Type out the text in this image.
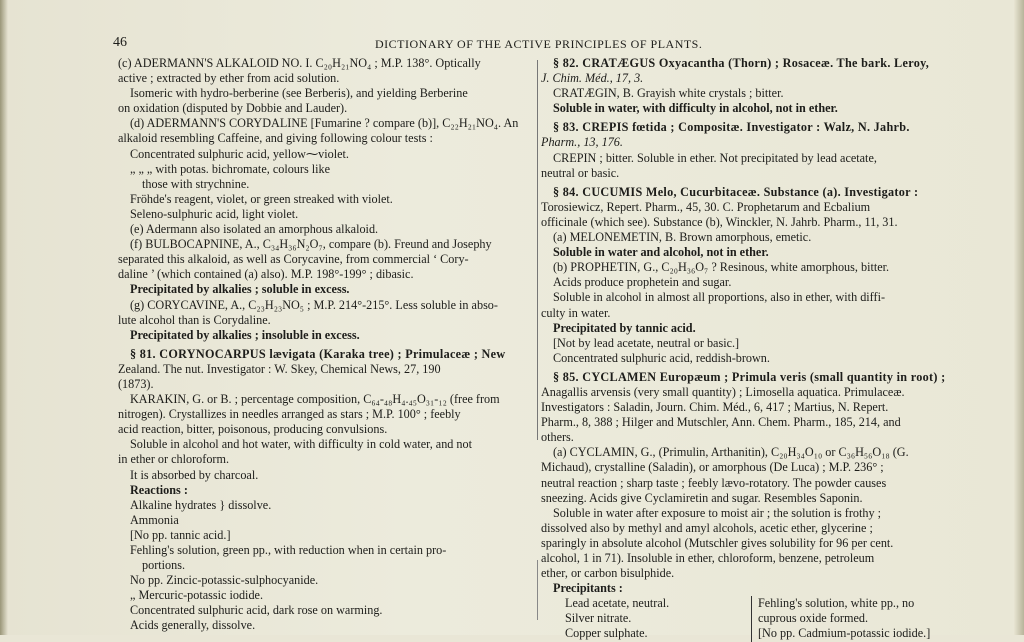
46	DICTIONARY OF THE ACTIVE PRINCIPLES OF PLANTS.
(c) ADERMANN'S ALKALOID NO. I. C₂₀H₂₁NO₄ ; M.P. 138°. Optically
active ; extracted by ether from acid solution.
Isomeric with hydro-berberine (see Berberis), and yielding Berberine
on oxidation (disputed by Dobbie and Lauder).
(d) ADERMANN'S CORYDALINE [Fumarine ? compare (b)], C₂₂H₂₁NO₄. An
alkaloid resembling Caffeine, and giving following colour tests :
Concentrated sulphuric acid, yellow⁓violet.
„ „ „ with potas. bichromate, colours like
those with strychnine.
Fröhde's reagent, violet, or green streaked with violet.
Seleno-sulphuric acid, light violet.
(e) Adermann also isolated an amorphous alkaloid.
(f) BULBOCAPNINE, A., C₃₄H₃₆N₂O₇, compare (b). Freund and Josephy
separated this alkaloid, as well as Corycavine, from commercial ‘ Cory-
daline ’ (which contained (a) also). M.P. 198°-199° ; dibasic.
Precipitated by alkalies ; soluble in excess.
(g) CORYCAVINE, A., C₂₃H₂₃NO₅ ; M.P. 214°-215°. Less soluble in abso-
lute alcohol than is Corydaline.
Precipitated by alkalies ; insoluble in excess.
§ 81. CORYNOCARPUS lævigata (Karaka tree) ; Primulaceæ ; New
Zealand. The nut. Investigator : W. Skey, Chemical News, 27, 190
(1873).
KARAKIN, G. or B. ; percentage composition, C₆₄-₄₈H₄.₄₅O₃₁-₁₂ (free from
nitrogen). Crystallizes in needles arranged as stars ; M.P. 100° ; feebly
acid reaction, bitter, poisonous, producing convulsions.
Soluble in alcohol and hot water, with difficulty in cold water, and not
in ether or chloroform.
It is absorbed by charcoal.
Reactions :
Alkaline hydrates } dissolve.
Ammonia
[No pp. tannic acid.]
Fehling's solution, green pp., with reduction when in certain pro-
portions.
No pp. Zincic-potassic-sulphocyanide.
„ Mercuric-potassic iodide.
Concentrated sulphuric acid, dark rose on warming.
Acids generally, dissolve.
§ 82. CRATÆGUS Oxyacantha (Thorn) ; Rosaceæ. The bark. Leroy,
J. Chim. Méd., 17, 3.
CRATÆGIN, B. Grayish white crystals ; bitter.
Soluble in water, with difficulty in alcohol, not in ether.
§ 83. CREPIS fœtida ; Compositæ. Investigator : Walz, N. Jahrb.
Pharm., 13, 176.
CREPIN ; bitter. Soluble in ether. Not precipitated by lead acetate,
neutral or basic.
§ 84. CUCUMIS Melo, Cucurbitaceæ. Substance (a). Investigator :
Torosiewicz, Repert. Pharm., 45, 30. C. Prophetarum and Ecbalium
officinale (which see). Substance (b), Winckler, N. Jahrb. Pharm., 11, 31.
(a) MELONEMETIN, B. Brown amorphous, emetic.
Soluble in water and alcohol, not in ether.
(b) PROPHETIN, G., C₂₀H₃₆O₇ ? Resinous, white amorphous, bitter.
Acids produce prophetein and sugar.
Soluble in alcohol in almost all proportions, also in ether, with diffi-
culty in water.
Precipitated by tannic acid.
[Not by lead acetate, neutral or basic.]
Concentrated sulphuric acid, reddish-brown.
§ 85. CYCLAMEN Europæum ; Primula veris (small quantity in root) ;
Anagallis arvensis (very small quantity) ; Limosella aquatica. Primulaceæ.
Investigators : Saladin, Journ. Chim. Méd., 6, 417 ; Martius, N. Repert.
Pharm., 8, 388 ; Hilger and Mutschler, Ann. Chem. Pharm., 185, 214, and
others.
(a) CYCLAMIN, G., (Primulin, Arthanitin), C₂₀H₃₄O₁₀ or C₃₆H₅₆O₁₈ (G.
Michaud), crystalline (Saladin), or amorphous (De Luca) ; M.P. 236° ;
neutral reaction ; sharp taste ; feebly lævo-rotatory. The powder causes
sneezing. Acids give Cyclamiretin and sugar. Resembles Saponin.
Soluble in water after exposure to moist air ; the solution is frothy ;
dissolved also by methyl and amyl alcohols, acetic ether, glycerine ;
sparingly in absolute alcohol (Mutschler gives solubility for 96 per cent.
alcohol, 1 in 71). Insoluble in ether, chloroform, benzene, petroleum
ether, or carbon bisulphide.
Precipitants :
Lead acetate, neutral.	Fehling's solution, white pp., no
Silver nitrate.	cuprous oxide formed.
Copper sulphate.	[No pp. Cadmium-potassic iodide.]
